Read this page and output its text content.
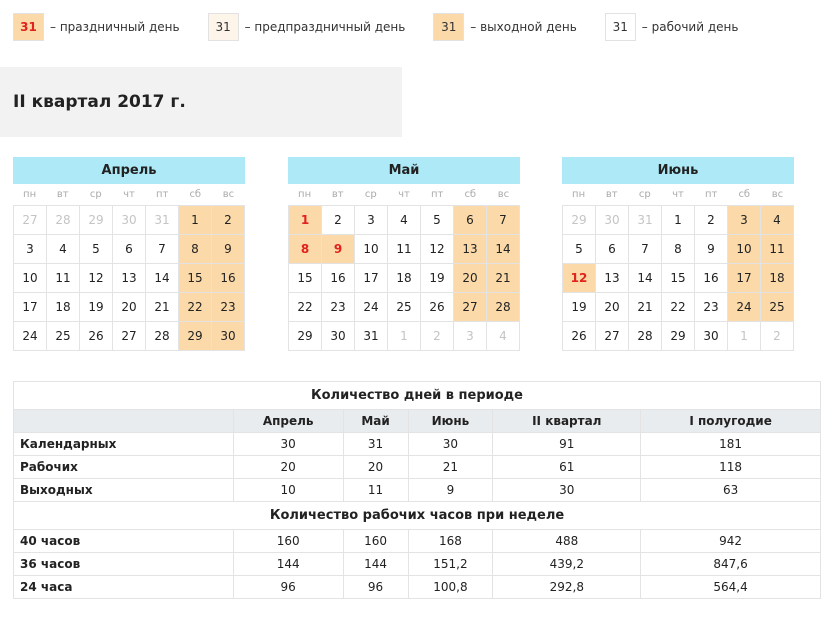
31	– праздничный день	31	– предпраздничный день	31	– выходной день	31	– рабочий день
II квартал 2017 г.
Апрель
пн	вт	ср	чт	пт	сб	вс
27	28	29	30	31	1	2
3	4	5	6	7	8	9
10	11	12	13	14	15	16
17	18	19	20	21	22	23
24	25	26	27	28	29	30
Май
пн	вт	ср	чт	пт	сб	вс
1	2	3	4	5	6	7
8	9	10	11	12	13	14
15	16	17	18	19	20	21
22	23	24	25	26	27	28
29	30	31	1	2	3	4
Июнь
пн	вт	ср	чт	пт	сб	вс
29	30	31	1	2	3	4
5	6	7	8	9	10	11
12	13	14	15	16	17	18
19	20	21	22	23	24	25
26	27	28	29	30	1	2
Количество дней в периоде					
	Апрель	Май	Июнь	II квартал	I полугодие
Календарных	30	31	30	91	181
Рабочих	20	20	21	61	118
Выходных	10	11	9	30	63
Количество рабочих часов при неделе					
40 часов	160	160	168	488	942
36 часов	144	144	151,2	439,2	847,6
24 часа	96	96	100,8	292,8	564,4
